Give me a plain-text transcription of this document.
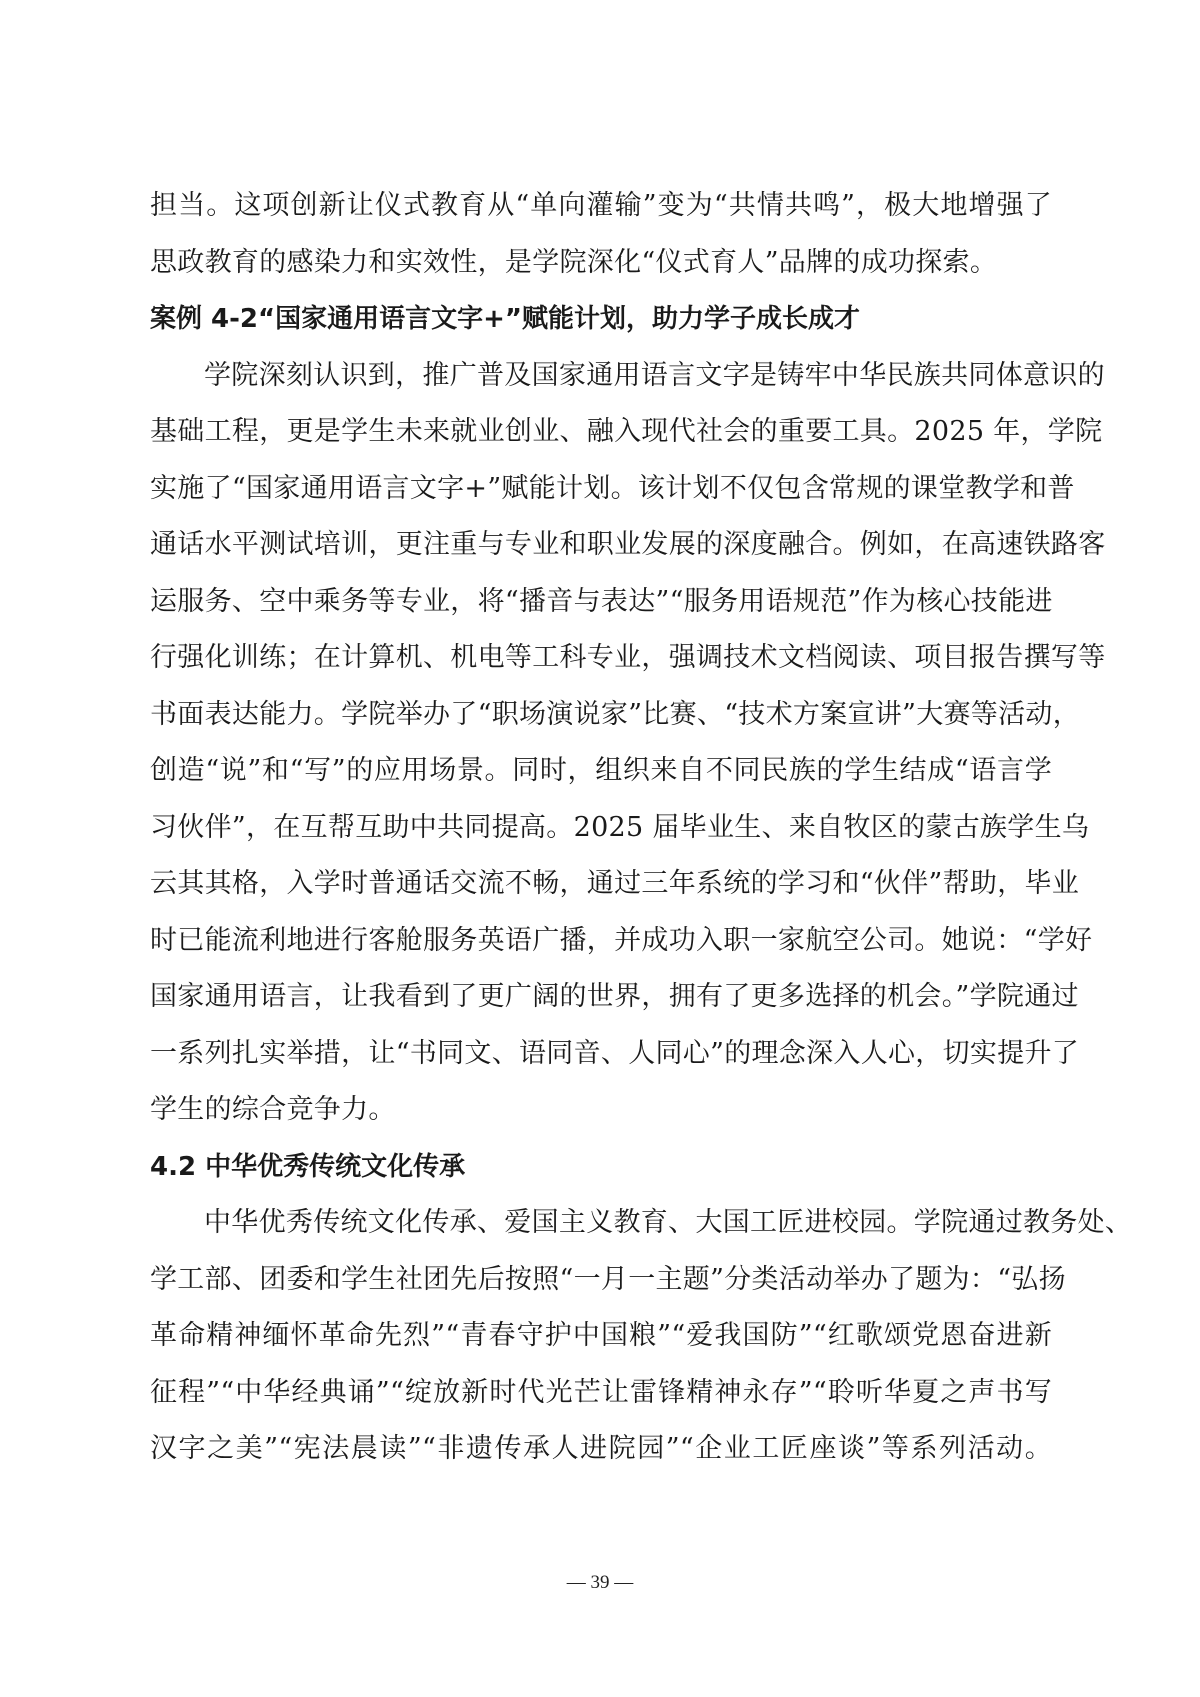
担当。这项创新让仪式教育从“单向灌输”变为“共情共鸣”，极大地增强了
思政教育的感染力和实效性，是学院深化“仪式育人”品牌的成功探索。
案例 4-2“国家通用语言文字+”赋能计划，助力学子成长成才
学院深刻认识到，推广普及国家通用语言文字是铸牢中华民族共同体意识的
基础工程，更是学生未来就业创业、融入现代社会的重要工具。2025 年，学院
实施了“国家通用语言文字+”赋能计划。该计划不仅包含常规的课堂教学和普
通话水平测试培训，更注重与专业和职业发展的深度融合。例如，在高速铁路客
运服务、空中乘务等专业，将“播音与表达”“服务用语规范”作为核心技能进
行强化训练；在计算机、机电等工科专业，强调技术文档阅读、项目报告撰写等
书面表达能力。学院举办了“职场演说家”比赛、“技术方案宣讲”大赛等活动，
创造“说”和“写”的应用场景。同时，组织来自不同民族的学生结成“语言学
习伙伴”，在互帮互助中共同提高。2025 届毕业生、来自牧区的蒙古族学生乌
云其其格，入学时普通话交流不畅，通过三年系统的学习和“伙伴”帮助，毕业
时已能流利地进行客舱服务英语广播，并成功入职一家航空公司。她说：“学好
国家通用语言，让我看到了更广阔的世界，拥有了更多选择的机会。”学院通过
一系列扎实举措，让“书同文、语同音、人同心”的理念深入人心，切实提升了
学生的综合竞争力。
4.2 中华优秀传统文化传承
中华优秀传统文化传承、爱国主义教育、大国工匠进校园。学院通过教务处、
学工部、团委和学生社团先后按照“一月一主题”分类活动举办了题为：“弘扬
革命精神缅怀革命先烈”“青春守护中国粮”“爱我国防”“红歌颂党恩奋进新
征程”“中华经典诵”“绽放新时代光芒让雷锋精神永存”“聆听华夏之声书写
汉字之美”“宪法晨读”“非遗传承人进院园”“企业工匠座谈”等系列活动。
— 39 —
